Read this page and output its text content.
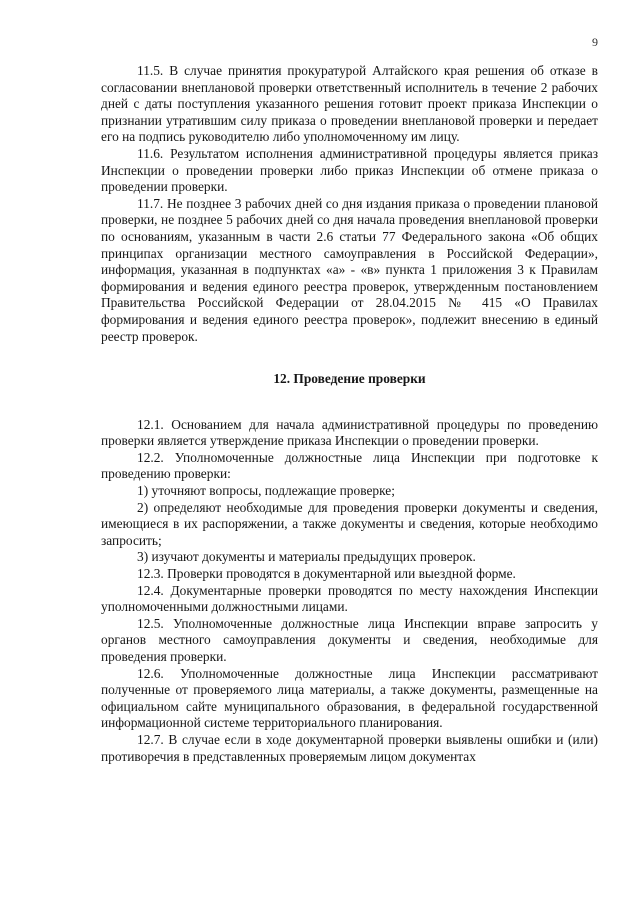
9

11.5. В случае принятия прокуратурой Алтайского края решения об отказе в согласовании внеплановой проверки ответственный исполнитель в течение 2 рабочих дней с даты поступления указанного решения готовит проект приказа Инспекции о признании утратившим силу приказа о проведении внеплановой проверки и передает его на подпись руководителю либо уполномоченному им лицу.

11.6. Результатом исполнения административной процедуры является приказ Инспекции о проведении проверки либо приказ Инспекции об отмене приказа о проведении проверки.

11.7. Не позднее 3 рабочих дней со дня издания приказа о проведении плановой проверки, не позднее 5 рабочих дней со дня начала проведения внеплановой проверки по основаниям, указанным в части 2.6 статьи 77 Федерального закона «Об общих принципах организации местного самоуправления в Российской Федерации», информация, указанная в подпунктах «а» - «в» пункта 1 приложения 3 к Правилам формирования и ведения единого реестра проверок, утвержденным постановлением Правительства Российской Федерации от 28.04.2015 № 415 «О Правилах формирования и ведения единого реестра проверок», подлежит внесению в единый реестр проверок.

12. Проведение проверки

12.1. Основанием для начала административной процедуры по проведению проверки является утверждение приказа Инспекции о проведении проверки.

12.2. Уполномоченные должностные лица Инспекции при подготовке к проведению проверки:

1) уточняют вопросы, подлежащие проверке;

2) определяют необходимые для проведения проверки документы и сведения, имеющиеся в их распоряжении, а также документы и сведения, которые необходимо запросить;

3) изучают документы и материалы предыдущих проверок.

12.3. Проверки проводятся в документарной или выездной форме.

12.4. Документарные проверки проводятся по месту нахождения Инспекции уполномоченными должностными лицами.

12.5. Уполномоченные должностные лица Инспекции вправе запросить у органов местного самоуправления документы и сведения, необходимые для проведения проверки.

12.6. Уполномоченные должностные лица Инспекции рассматривают полученные от проверяемого лица материалы, а также документы, размещенные на официальном сайте муниципального образования, в федеральной государственной информационной системе территориального планирования.

12.7. В случае если в ходе документарной проверки выявлены ошибки и (или) противоречия в представленных проверяемым лицом документах
